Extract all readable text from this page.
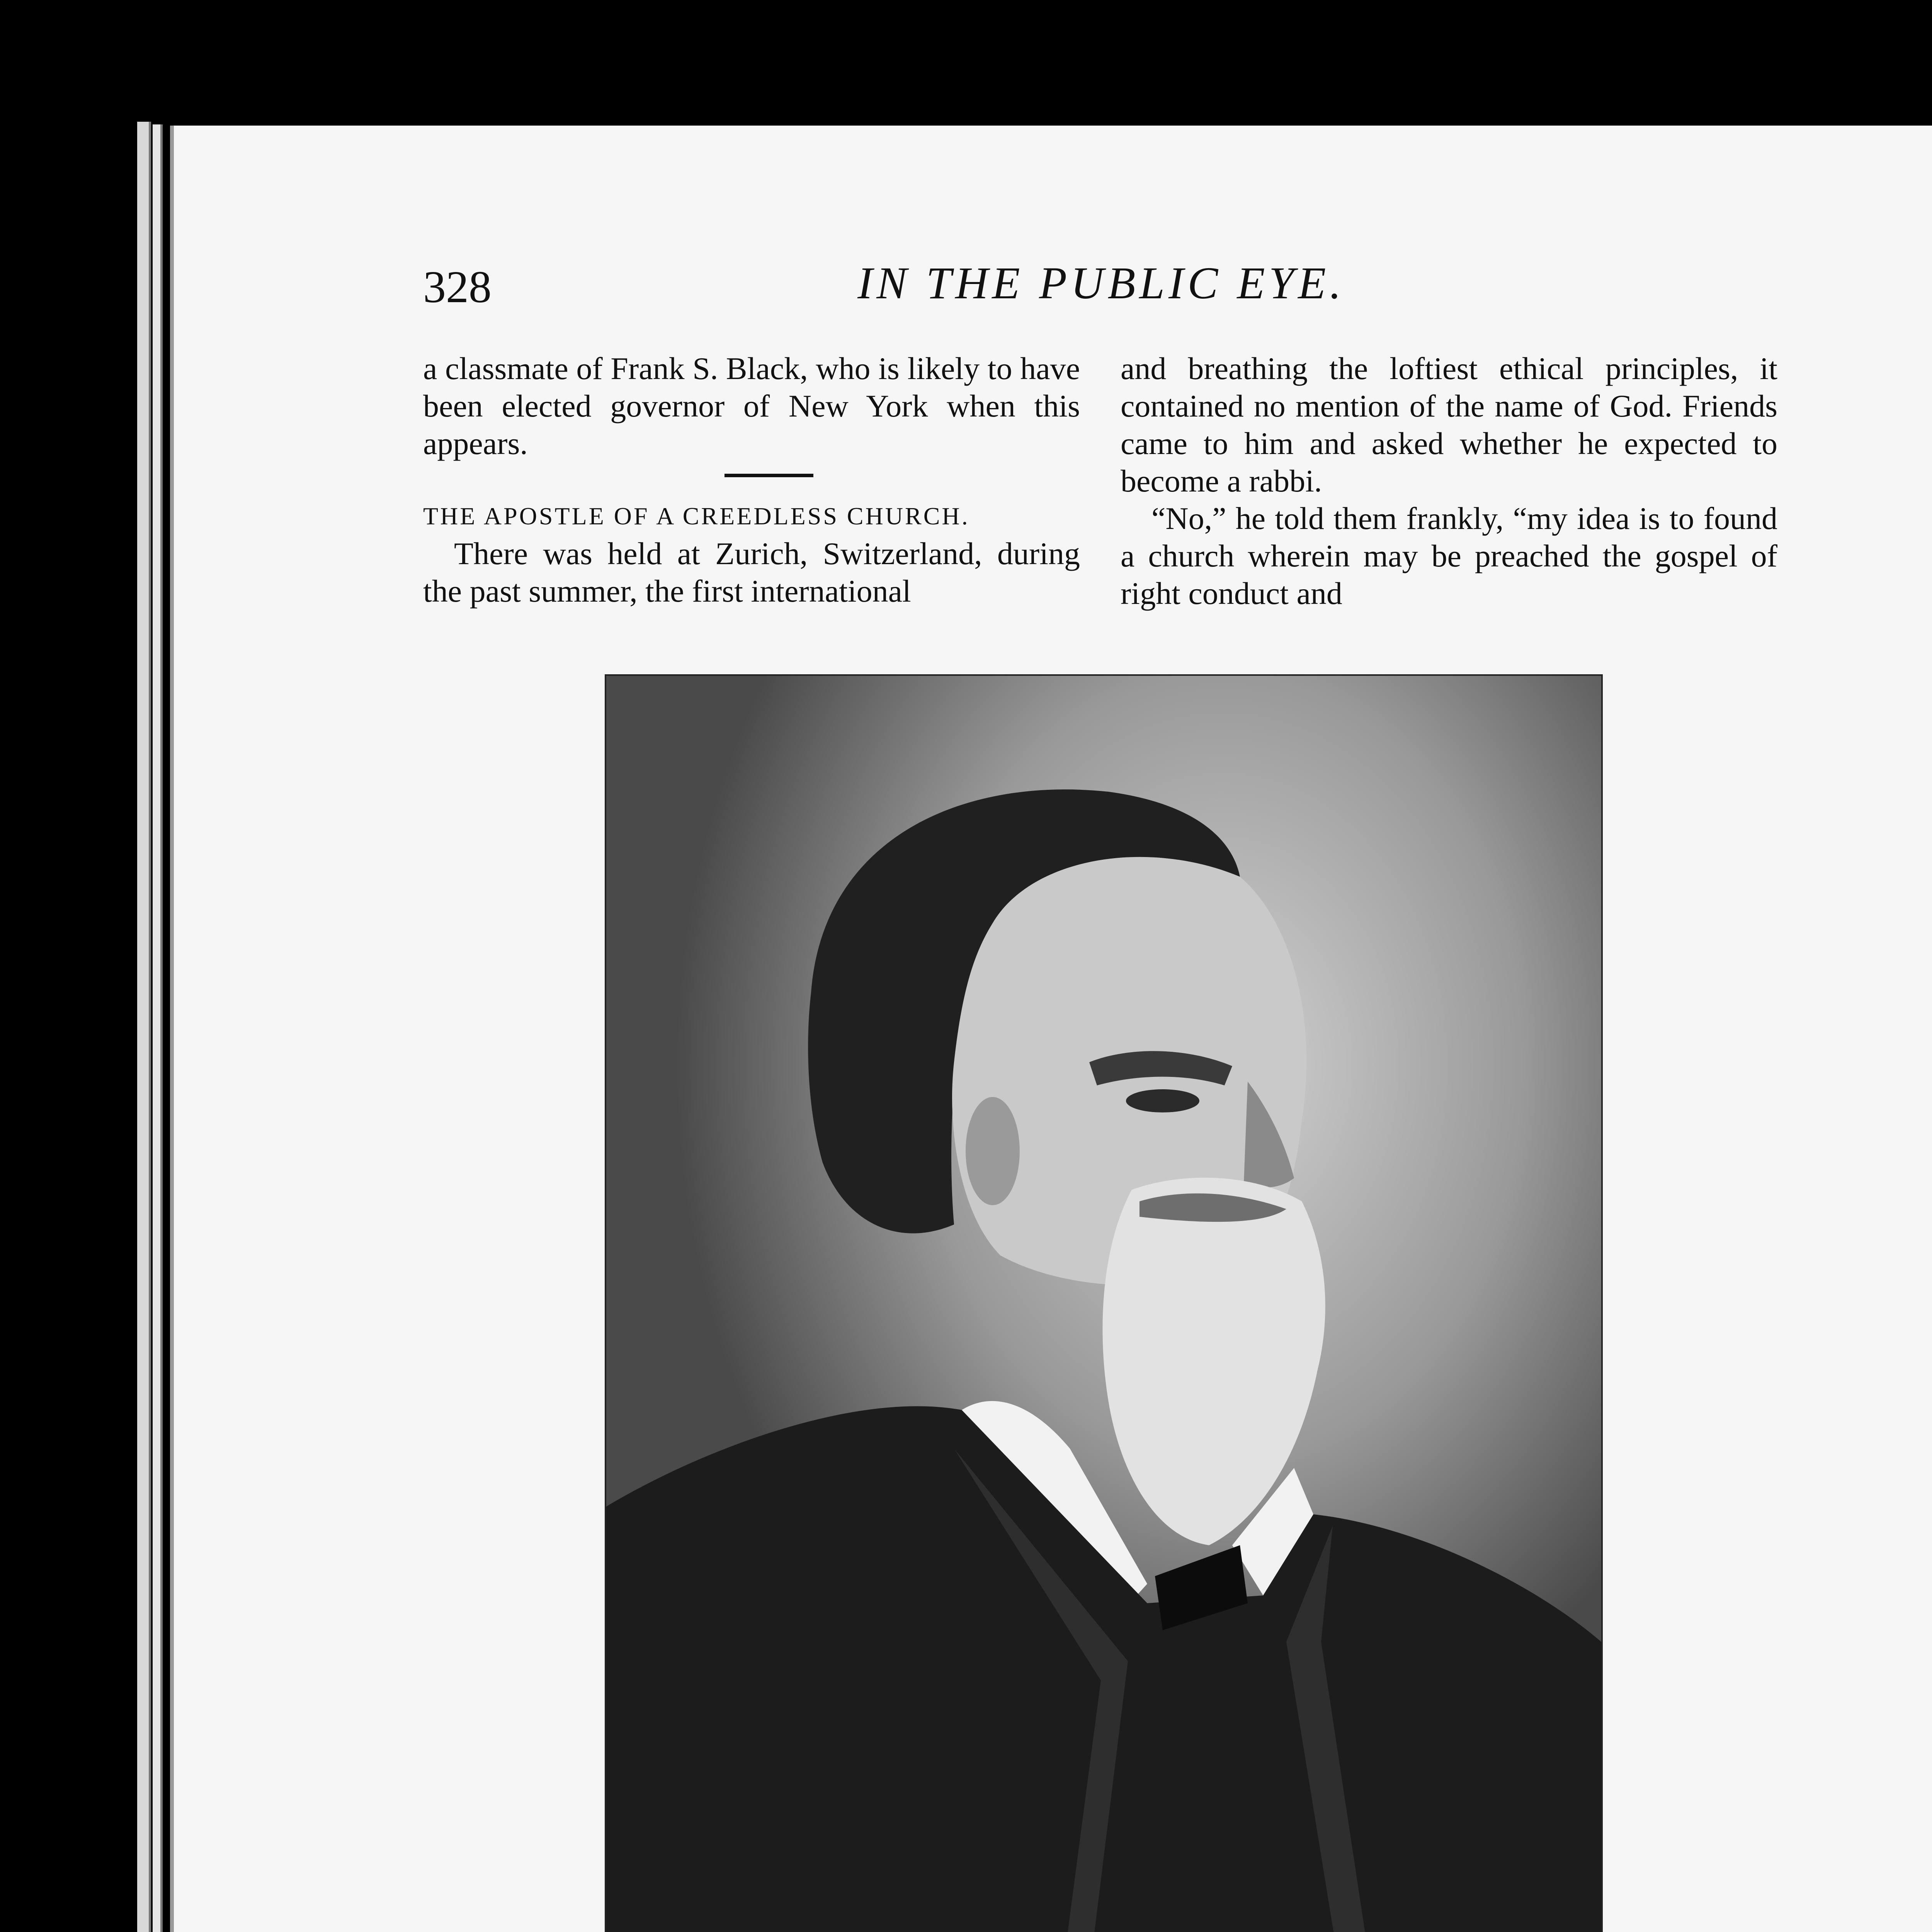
328	IN THE PUBLIC EYE.

a classmate of Frank S. Black, who is likely to have been elected governor of New York when this appears.

THE APOSTLE OF A CREEDLESS CHURCH.

There was held at Zurich, Switzerland, during the past summer, the first international

and breathing the loftiest ethical principles, it contained no mention of the name of God. Friends came to him and asked whether he expected to become a rabbi.

“No,” he told them frankly, “my idea is to found a church wherein may be preached the gospel of right conduct and
